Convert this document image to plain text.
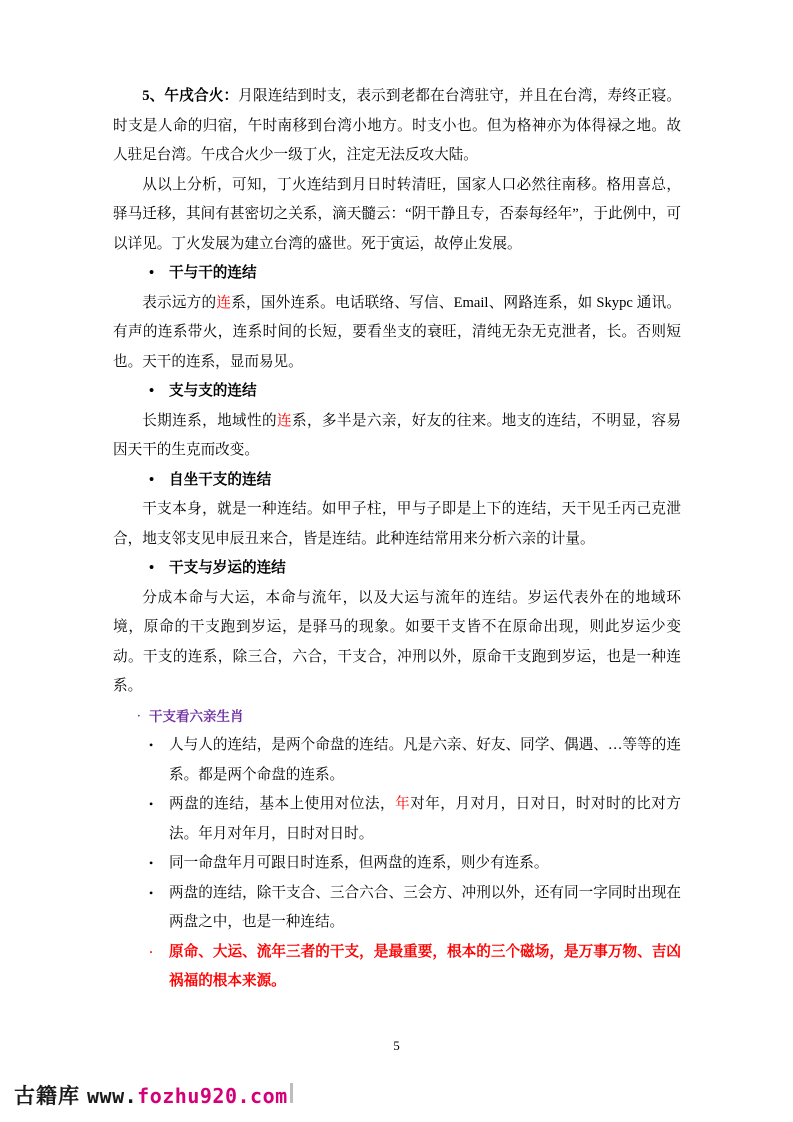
5、午戌合火：月限连结到时支，表示到老都在台湾驻守，并且在台湾，寿终正寝。时支是人命的归宿，午时南移到台湾小地方。时支小也。但为格神亦为体得禄之地。故人驻足台湾。午戌合火少一级丁火，注定无法反攻大陆。

从以上分析，可知，丁火连结到月日时转清旺，国家人口必然往南移。格用喜总，驿马迁移，其间有甚密切之关系，滴天髓云：“阴干静且专，否泰每经年”，于此例中，可以详见。丁火发展为建立台湾的盛世。死于寅运，故停止发展。

• 干与干的连结

表示远方的连系，国外连系。电话联络、写信、Email、网路连系，如 Skypc 通讯。有声的连系带火，连系时间的长短，要看坐支的衰旺，清纯无杂无克泄者，长。否则短也。天干的连系，显而易见。

• 支与支的连结

长期连系，地域性的连系，多半是六亲，好友的往来。地支的连结，不明显，容易因天干的生克而改变。

• 自坐干支的连结

干支本身，就是一种连结。如甲子柱，甲与子即是上下的连结，天干见壬丙己克泄合，地支邻支见申辰丑来合，皆是连结。此种连结常用来分析六亲的计量。

• 干支与岁运的连结

分成本命与大运，本命与流年，以及大运与流年的连结。岁运代表外在的地域环境，原命的干支跑到岁运，是驿马的现象。如要干支皆不在原命出现，则此岁运少变动。干支的连系，除三合，六合，干支合，冲刑以外，原命干支跑到岁运，也是一种连系。

· 干支看六亲生肖

• 人与人的连结，是两个命盘的连结。凡是六亲、好友、同学、偶遇、…等等的连系。都是两个命盘的连系。

• 两盘的连结，基本上使用对位法，年对年，月对月，日对日，时对时的比对方法。年月对年月，日时对日时。

• 同一命盘年月可跟日时连系，但两盘的连系，则少有连系。

• 两盘的连结，除干支合、三合六合、三会方、冲刑以外，还有同一字同时出现在两盘之中，也是一种连结。

· 原命、大运、流年三者的干支，是最重要，根本的三个磁场，是万事万物、吉凶祸福的根本来源。

5
古籍库 www.fozhu920.com
